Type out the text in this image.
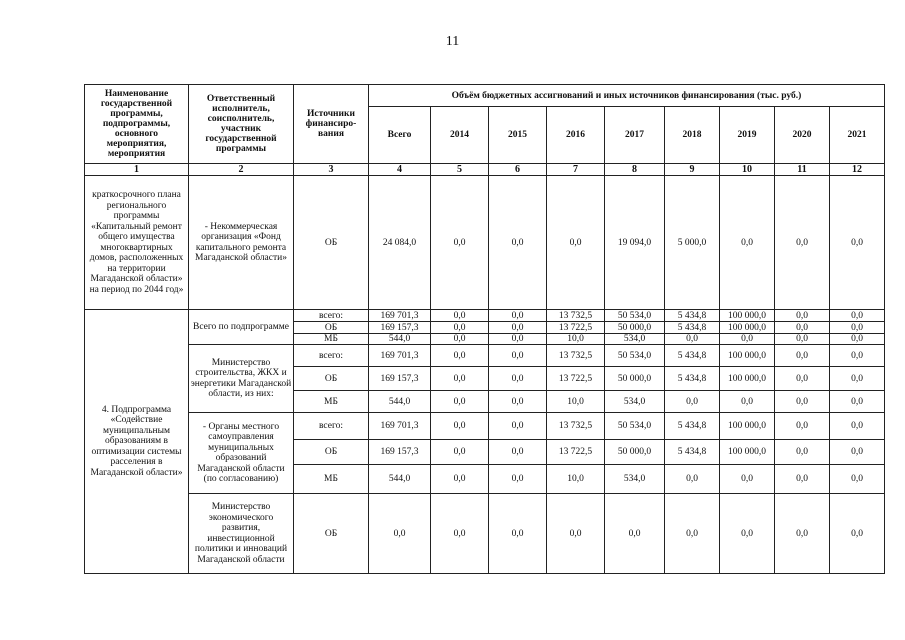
11
Наименование государственной программы, подпрограммы, основного мероприятия, мероприятия	Ответственный исполнитель, соисполнитель, участник государственной программы	Источники финансиро-вания	Объём бюджетных ассигнований и иных источников финансирования (тыс. руб.)								
			Всего	2014	2015	2016	2017	2018	2019	2020	2021
1	2	3	4	5	6	7	8	9	10	11	12
краткосрочного плана регионального программы «Капитальный ремонт общего имущества многоквартирных домов, расположенных на территории Магаданской области» на период по 2044 год»	- Некоммерческая организация «Фонд капитального ремонта Магаданской области»	ОБ	24 084,0	0,0	0,0	0,0	19 094,0	5 000,0	0,0	0,0	0,0
4. Подпрограмма «Содействие муниципальным образованиям в оптимизации системы расселения в Магаданской области»	Всего по подпрограмме	всего:	169 701,3	0,0	0,0	13 732,5	50 534,0	5 434,8	100 000,0	0,0	0,0
		ОБ	169 157,3	0,0	0,0	13 722,5	50 000,0	5 434,8	100 000,0	0,0	0,0
		МБ	544,0	0,0	0,0	10,0	534,0	0,0	0,0	0,0	0,0
	Министерство строительства, ЖКХ и энергетики Магаданской области, из них:	всего:	169 701,3	0,0	0,0	13 732,5	50 534,0	5 434,8	100 000,0	0,0	0,0
		ОБ	169 157,3	0,0	0,0	13 722,5	50 000,0	5 434,8	100 000,0	0,0	0,0
		МБ	544,0	0,0	0,0	10,0	534,0	0,0	0,0	0,0	0,0
	- Органы местного самоуправления муниципальных образований Магаданской области (по согласованию)	всего:	169 701,3	0,0	0,0	13 732,5	50 534,0	5 434,8	100 000,0	0,0	0,0
		ОБ	169 157,3	0,0	0,0	13 722,5	50 000,0	5 434,8	100 000,0	0,0	0,0
		МБ	544,0	0,0	0,0	10,0	534,0	0,0	0,0	0,0	0,0
	Министерство экономического развития, инвестиционной политики и инноваций Магаданской области	ОБ	0,0	0,0	0,0	0,0	0,0	0,0	0,0	0,0	0,0
